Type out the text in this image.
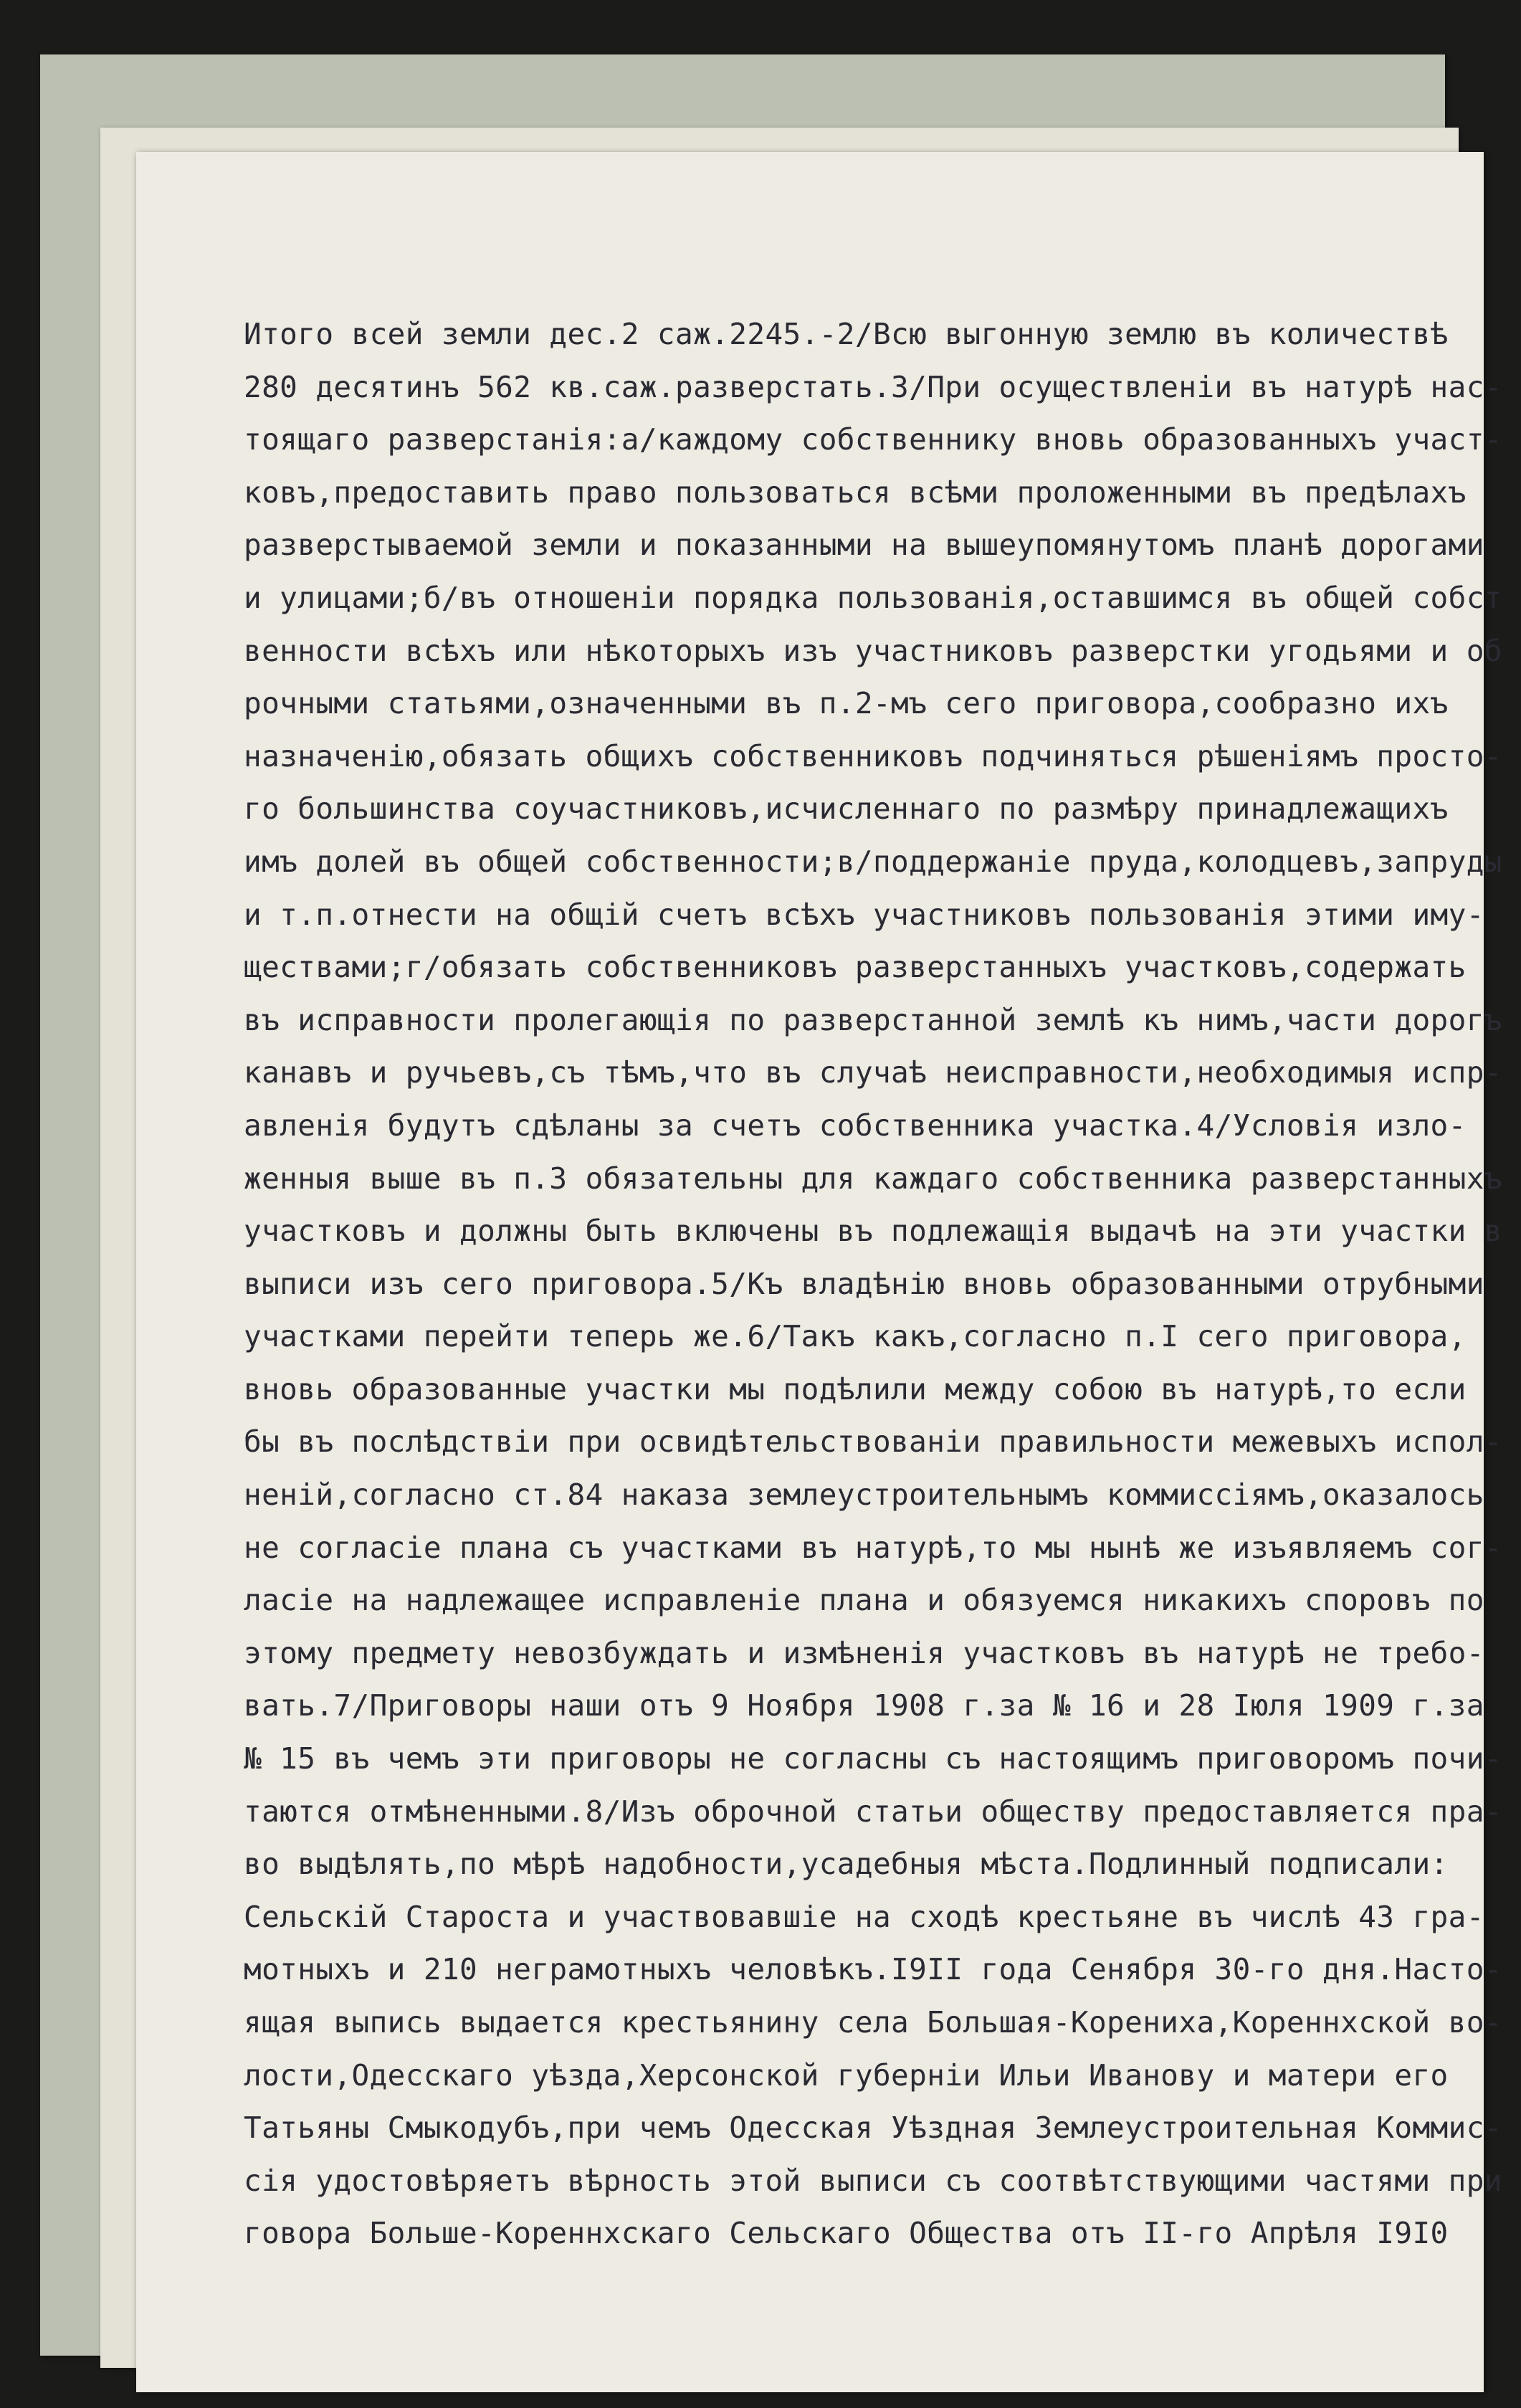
Итого всей земли дес.2 саж.2245.-2/Всю выгонную землю въ количествѣ
280 десятинъ 562 кв.саж.разверстать.3/При осуществленіи въ натурѣ нас-
тоящаго разверстанія:а/каждому собственнику вновь образованныхъ участ-
ковъ,предоставить право пользоваться всѣми проложенными въ предѣлахъ
разверстываемой земли и показанными на вышеупомянутомъ планѣ дорогами
и улицами;б/въ отношеніи порядка пользованія,оставшимся въ общей собст
венности всѣхъ или нѣкоторыхъ изъ участниковъ разверстки угодьями и об
рочными статьями,означенными въ п.2-мъ сего приговора,сообразно ихъ
назначенію,обязать общихъ собственниковъ подчиняться рѣшеніямъ просто-
го большинства соучастниковъ,исчисленнаго по размѣру принадлежащихъ
имъ долей въ общей собственности;в/поддержаніе пруда,колодцевъ,запруды
и т.п.отнести на общій счетъ всѣхъ участниковъ пользованія этими иму-
ществами;г/обязать собственниковъ разверстанныхъ участковъ,содержать
въ исправности пролегающія по разверстанной землѣ къ нимъ,части дорогъ
канавъ и ручьевъ,съ тѣмъ,что въ случаѣ неисправности,необходимыя испр-
авленія будутъ сдѣланы за счетъ собственника участка.4/Условія изло-
женныя выше въ п.3 обязательны для каждаго собственника разверстанныхъ
участковъ и должны быть включены въ подлежащія выдачѣ на эти участки в
выписи изъ сего приговора.5/Къ владѣнію вновь образованными отрубными
участками перейти теперь же.6/Такъ какъ,согласно п.I сего приговора,
вновь образованные участки мы подѣлили между собою въ натурѣ,то если
бы въ послѣдствіи при освидѣтельствованіи правильности межевыхъ испол-
неній,согласно ст.84 наказа землеустроительнымъ коммиссіямъ,оказалось
не согласіе плана съ участками въ натурѣ,то мы нынѣ же изъявляемъ сог-
ласіе на надлежащее исправленіе плана и обязуемся никакихъ споровъ по
этому предмету невозбуждать и измѣненія участковъ въ натурѣ не требо-
вать.7/Приговоры наши отъ 9 Ноября 1908 г.за № 16 и 28 Іюля 1909 г.за
№ 15 въ чемъ эти приговоры не согласны съ настоящимъ приговоромъ почи-
таются отмѣненными.8/Изъ оброчной статьи обществу предоставляется пра-
во выдѣлять,по мѣрѣ надобности,усадебныя мѣста.Подлинный подписали:
Сельскій Староста и участвовавшіе на сходѣ крестьяне въ числѣ 43 гра-
мотныхъ и 210 неграмотныхъ человѣкъ.I9II года Сенября 30-го дня.Насто-
ящая выпись выдается крестьянину села Большая-Корениха,Кореннхской во-
лости,Одесскаго уѣзда,Херсонской губерніи Ильи Иванову и матери его
Татьяны Смыкодубъ,при чемъ Одесская Уѣздная Землеустроительная Коммис-
сія удостовѣряетъ вѣрность этой выписи съ соотвѣтствующими частями при
говора Больше-Кореннхскаго Сельскаго Общества отъ II-го Апрѣля I9I0
